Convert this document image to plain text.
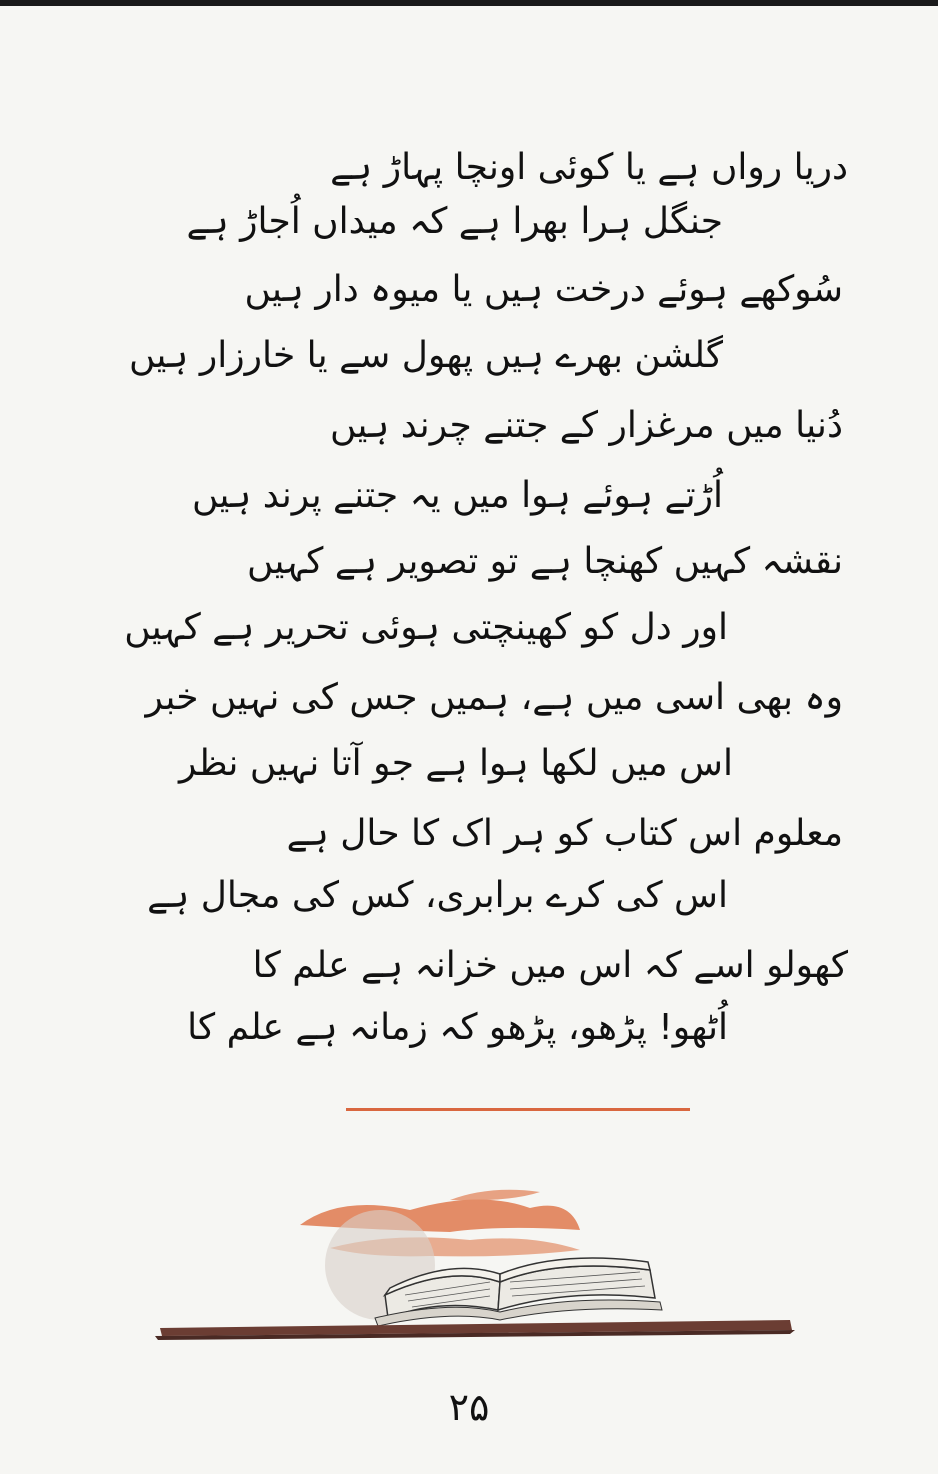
دریا رواں ہے یا کوئی اونچا پہاڑ ہے
جنگل ہرا بھرا ہے کہ میداں اُجاڑ ہے
سُوکھے ہوئے درخت ہیں یا میوہ دار ہیں
گلشن بھرے ہیں پھول سے یا خارزار ہیں
دُنیا میں مرغزار کے جتنے چرند ہیں
اُڑتے ہوئے ہوا میں یہ جتنے پرند ہیں
نقشہ کہیں کھنچا ہے تو تصویر ہے کہیں
اور دل کو کھینچتی ہوئی تحریر ہے کہیں
وہ بھی اسی میں ہے، ہمیں جس کی نہیں خبر
اس میں لکھا ہوا ہے جو آتا نہیں نظر
معلوم اس کتاب کو ہر اک کا حال ہے
اس کی کرے برابری، کس کی مجال ہے
کھولو اسے کہ اس میں خزانہ ہے علم کا
اُٹھو! پڑھو، پڑھو کہ زمانہ ہے علم کا
۲۵
